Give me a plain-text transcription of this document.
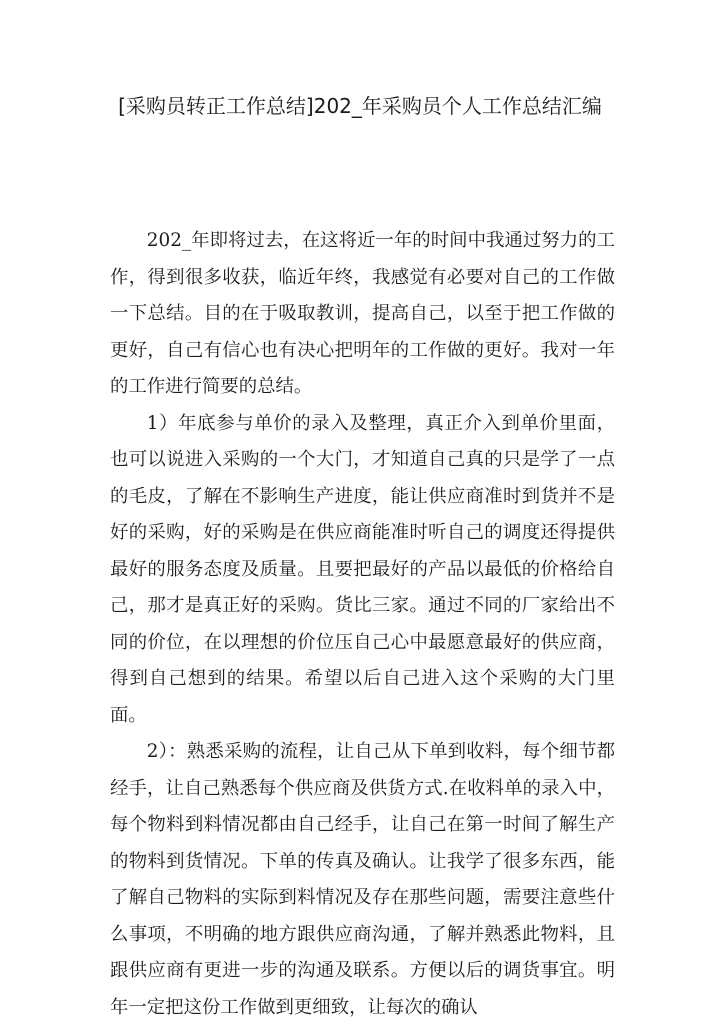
[采购员转正工作总结]202_年采购员个人工作总结汇编

202_年即将过去，在这将近一年的时间中我通过努力的工作，得到很多收获，临近年终，我感觉有必要对自己的工作做一下总结。目的在于吸取教训，提高自己，以至于把工作做的更好，自己有信心也有决心把明年的工作做的更好。我对一年的工作进行简要的总结。

1）年底参与单价的录入及整理，真正介入到单价里面，也可以说进入采购的一个大门，才知道自己真的只是学了一点的毛皮，了解在不影响生产进度，能让供应商准时到货并不是好的采购，好的采购是在供应商能准时听自己的调度还得提供最好的服务态度及质量。且要把最好的产品以最低的价格给自己，那才是真正好的采购。货比三家。通过不同的厂家给出不同的价位，在以理想的价位压自己心中最愿意最好的供应商，得到自己想到的结果。希望以后自己进入这个采购的大门里面。

2）：熟悉采购的流程，让自己从下单到收料，每个细节都经手，让自己熟悉每个供应商及供货方式.在收料单的录入中，每个物料到料情况都由自己经手，让自己在第一时间了解生产的物料到货情况。下单的传真及确认。让我学了很多东西，能了解自己物料的实际到料情况及存在那些问题，需要注意些什么事项，不明确的地方跟供应商沟通，了解并熟悉此物料，且跟供应商有更进一步的沟通及联系。方便以后的调货事宜。明年一定把这份工作做到更细致，让每次的确认
